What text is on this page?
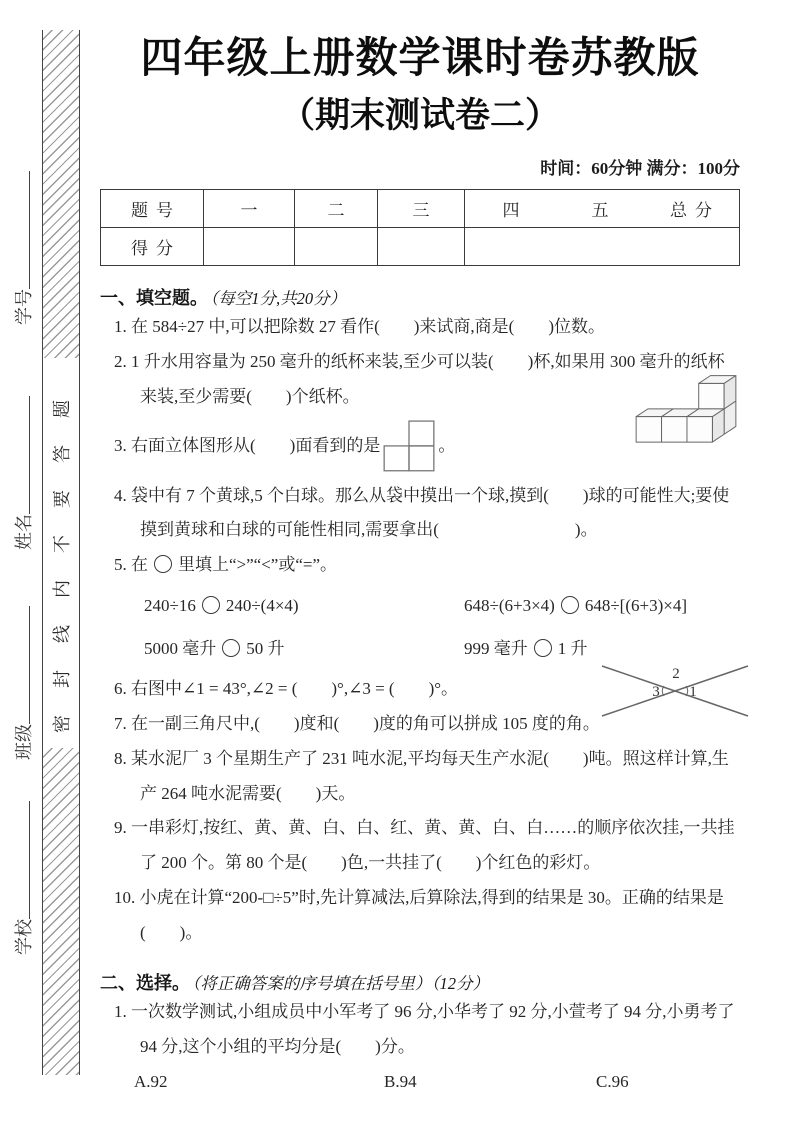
学号
姓名
班级
学校
密封线内不要答题
四年级上册数学课时卷苏教版
（期末测试卷二）
时间：60分钟 满分：100分
题号	一	二	三	四	五	总分
得分						
一、填空题。 （每空1分,共20分）
1. 在 584÷27 中,可以把除数 27 看作(　　)来试商,商是(　　)位数。
2. 1 升水用容量为 250 毫升的纸杯来装,至少可以装(　　)杯,如果用 300 毫升的纸杯来装,至少需要(　　)个纸杯。
3. 右面立体图形从(　　)面看到的是	。
4. 袋中有 7 个黄球,5 个白球。那么从袋中摸出一个球,摸到(　　)球的可能性大;要使摸到黄球和白球的可能性相同,需要拿出(　　　　　　　　)。
5. 在 里填上“>”“<”或“=”。
240÷16 240÷(4×4)	648÷(6+3×4) 648÷[(6+3)×4]
5000 毫升 50 升	999 毫升 1 升
6. 右图中∠1 = 43°,∠2 = (　　)°,∠3 = (　　)°。
2
3 1
7. 在一副三角尺中,(　　)度和(　　)度的角可以拼成 105 度的角。
8. 某水泥厂 3 个星期生产了 231 吨水泥,平均每天生产水泥(　　)吨。照这样计算,生产 264 吨水泥需要(　　)天。
9. 一串彩灯,按红、黄、黄、白、白、红、黄、黄、白、白……的顺序依次挂,一共挂了 200 个。第 80 个是(　　)色,一共挂了(　　)个红色的彩灯。
10. 小虎在计算“200-□÷5”时,先计算减法,后算除法,得到的结果是 30。正确的结果是(　　)。
二、选择。 （将正确答案的序号填在括号里）（12分）
1. 一次数学测试,小组成员中小军考了 96 分,小华考了 92 分,小萱考了 94 分,小勇考了 94 分,这个小组的平均分是(　　)分。
A.92	B.94	C.96
